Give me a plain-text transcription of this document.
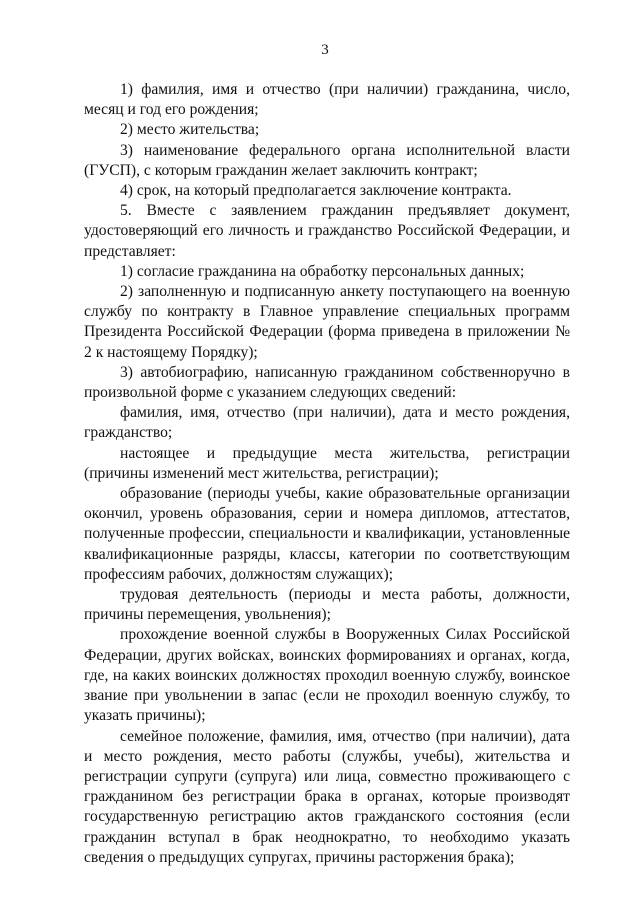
3

1) фамилия, имя и отчество (при наличии) гражданина, число, месяц и год его рождения;

2) место жительства;

3) наименование федерального органа исполнительной власти (ГУСП), с которым гражданин желает заключить контракт;

4) срок, на который предполагается заключение контракта.

5. Вместе с заявлением гражданин предъявляет документ, удостоверяющий его личность и гражданство Российской Федерации, и представляет:

1) согласие гражданина на обработку персональных данных;

2) заполненную и подписанную анкету поступающего на военную службу по контракту в Главное управление специальных программ Президента Российской Федерации (форма приведена в приложении № 2 к настоящему Порядку);

3) автобиографию, написанную гражданином собственноручно в произвольной форме с указанием следующих сведений:

фамилия, имя, отчество (при наличии), дата и место рождения, гражданство;

настоящее и предыдущие места жительства, регистрации (причины изменений мест жительства, регистрации);

образование (периоды учебы, какие образовательные организации окончил, уровень образования, серии и номера дипломов, аттестатов, полученные профессии, специальности и квалификации, установленные квалификационные разряды, классы, категории по соответствующим профессиям рабочих, должностям служащих);

трудовая деятельность (периоды и места работы, должности, причины перемещения, увольнения);

прохождение военной службы в Вооруженных Силах Российской Федерации, других войсках, воинских формированиях и органах, когда, где, на каких воинских должностях проходил военную службу, воинское звание при увольнении в запас (если не проходил военную службу, то указать причины);

семейное положение, фамилия, имя, отчество (при наличии), дата и место рождения, место работы (службы, учебы), жительства и регистрации супруги (супруга) или лица, совместно проживающего с гражданином без регистрации брака в органах, которые производят государственную регистрацию актов гражданского состояния (если гражданин вступал в брак неоднократно, то необходимо указать сведения о предыдущих супругах, причины расторжения брака);
